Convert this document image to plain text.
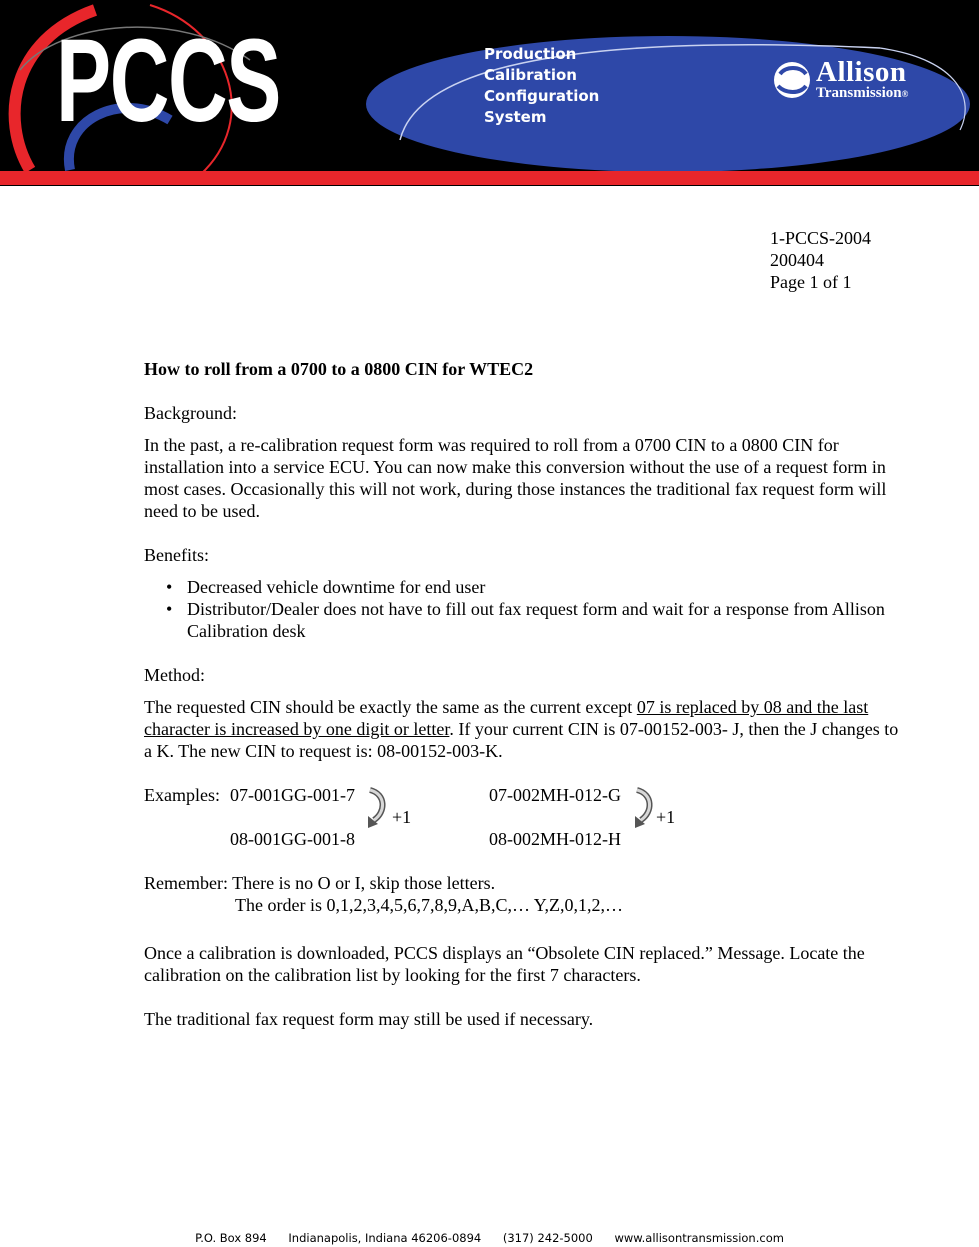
PCCS	Production
Calibration
Configuration
System
Allison
Transmission®
1-PCCS-2004
200404
Page 1 of 1

How to roll from a 0700 to a 0800 CIN for WTEC2

Background:

In the past, a re-calibration request form was required to roll from a 0700 CIN to a 0800 CIN for installation into a service ECU. You can now make this conversion without the use of a request form in most cases. Occasionally this will not work, during those instances the traditional fax request form will need to be used.

Benefits:

• Decreased vehicle downtime for end user
• Distributor/Dealer does not have to fill out fax request form and wait for a response from Allison Calibration desk

Method:

The requested CIN should be exactly the same as the current except 07 is replaced by 08 and the last character is increased by one digit or letter. If your current CIN is 07-00152-003- J, then the J changes to a K. The new CIN to request is: 08-00152-003-K.

Examples: 07-001GG-001-7
08-001GG-001-8
+1
07-002MH-012-G
08-002MH-012-H
+1

Remember: There is no O or I, skip those letters.

The order is 0,1,2,3,4,5,6,7,8,9,A,B,C,… Y,Z,0,1,2,…

Once a calibration is downloaded, PCCS displays an “Obsolete CIN replaced.” Message. Locate the calibration on the calibration list by looking for the first 7 characters.

The traditional fax request form may still be used if necessary.

P.O. Box 894 Indianapolis, Indiana 46206-0894 (317) 242-5000 www.allisontransmission.com
